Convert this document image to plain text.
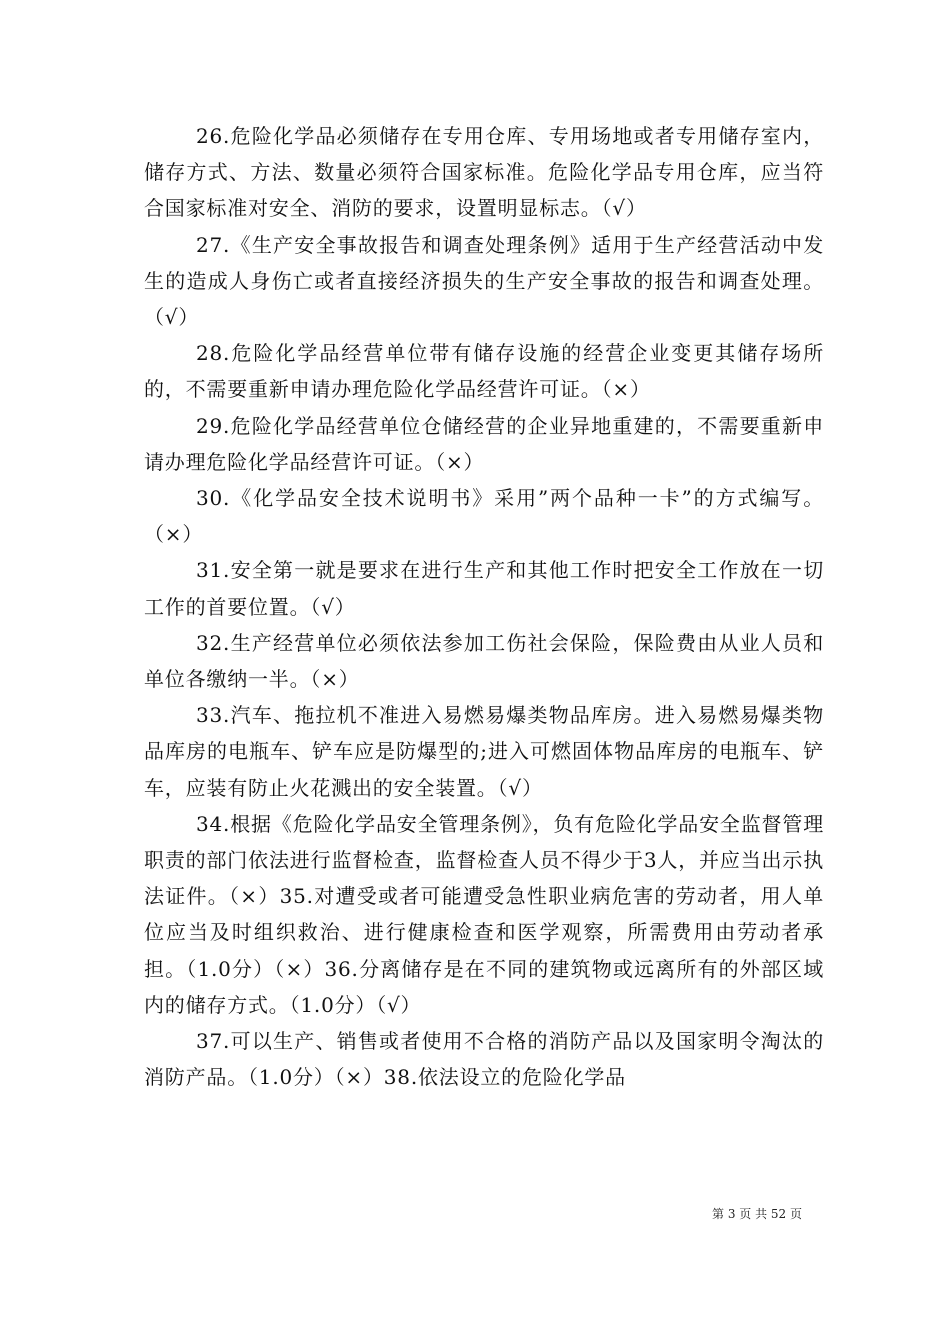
26.危险化学品必须储存在专用仓库、专用场地或者专用储存室内，储存方式、方法、数量必须符合国家标准。危险化学品专用仓库，应当符合国家标准对安全、消防的要求，设置明显标志。（√）

27.《生产安全事故报告和调查处理条例》适用于生产经营活动中发生的造成人身伤亡或者直接经济损失的生产安全事故的报告和调查处理。（√）

28.危险化学品经营单位带有储存设施的经营企业变更其储存场所的，不需要重新申请办理危险化学品经营许可证。（×）

29.危险化学品经营单位仓储经营的企业异地重建的，不需要重新申请办理危险化学品经营许可证。（×）

30.《化学品安全技术说明书》采用”两个品种一卡”的方式编写。（×）

31.安全第一就是要求在进行生产和其他工作时把安全工作放在一切工作的首要位置。（√）

32.生产经营单位必须依法参加工伤社会保险，保险费由从业人员和单位各缴纳一半。（×）

33.汽车、拖拉机不准进入易燃易爆类物品库房。进入易燃易爆类物品库房的电瓶车、铲车应是防爆型的;进入可燃固体物品库房的电瓶车、铲车，应装有防止火花溅出的安全装置。（√）

34.根据《危险化学品安全管理条例》，负有危险化学品安全监督管理职责的部门依法进行监督检查，监督检查人员不得少于3人，并应当出示执法证件。（×）35.对遭受或者可能遭受急性职业病危害的劳动者，用人单位应当及时组织救治、进行健康检查和医学观察，所需费用由劳动者承担。（1.0分）（×）36.分离储存是在不同的建筑物或远离所有的外部区域内的储存方式。（1.0分）（√）

37.可以生产、销售或者使用不合格的消防产品以及国家明令淘汰的消防产品。（1.0分）（×）38.依法设立的危险化学品

第 3 页 共 52 页
